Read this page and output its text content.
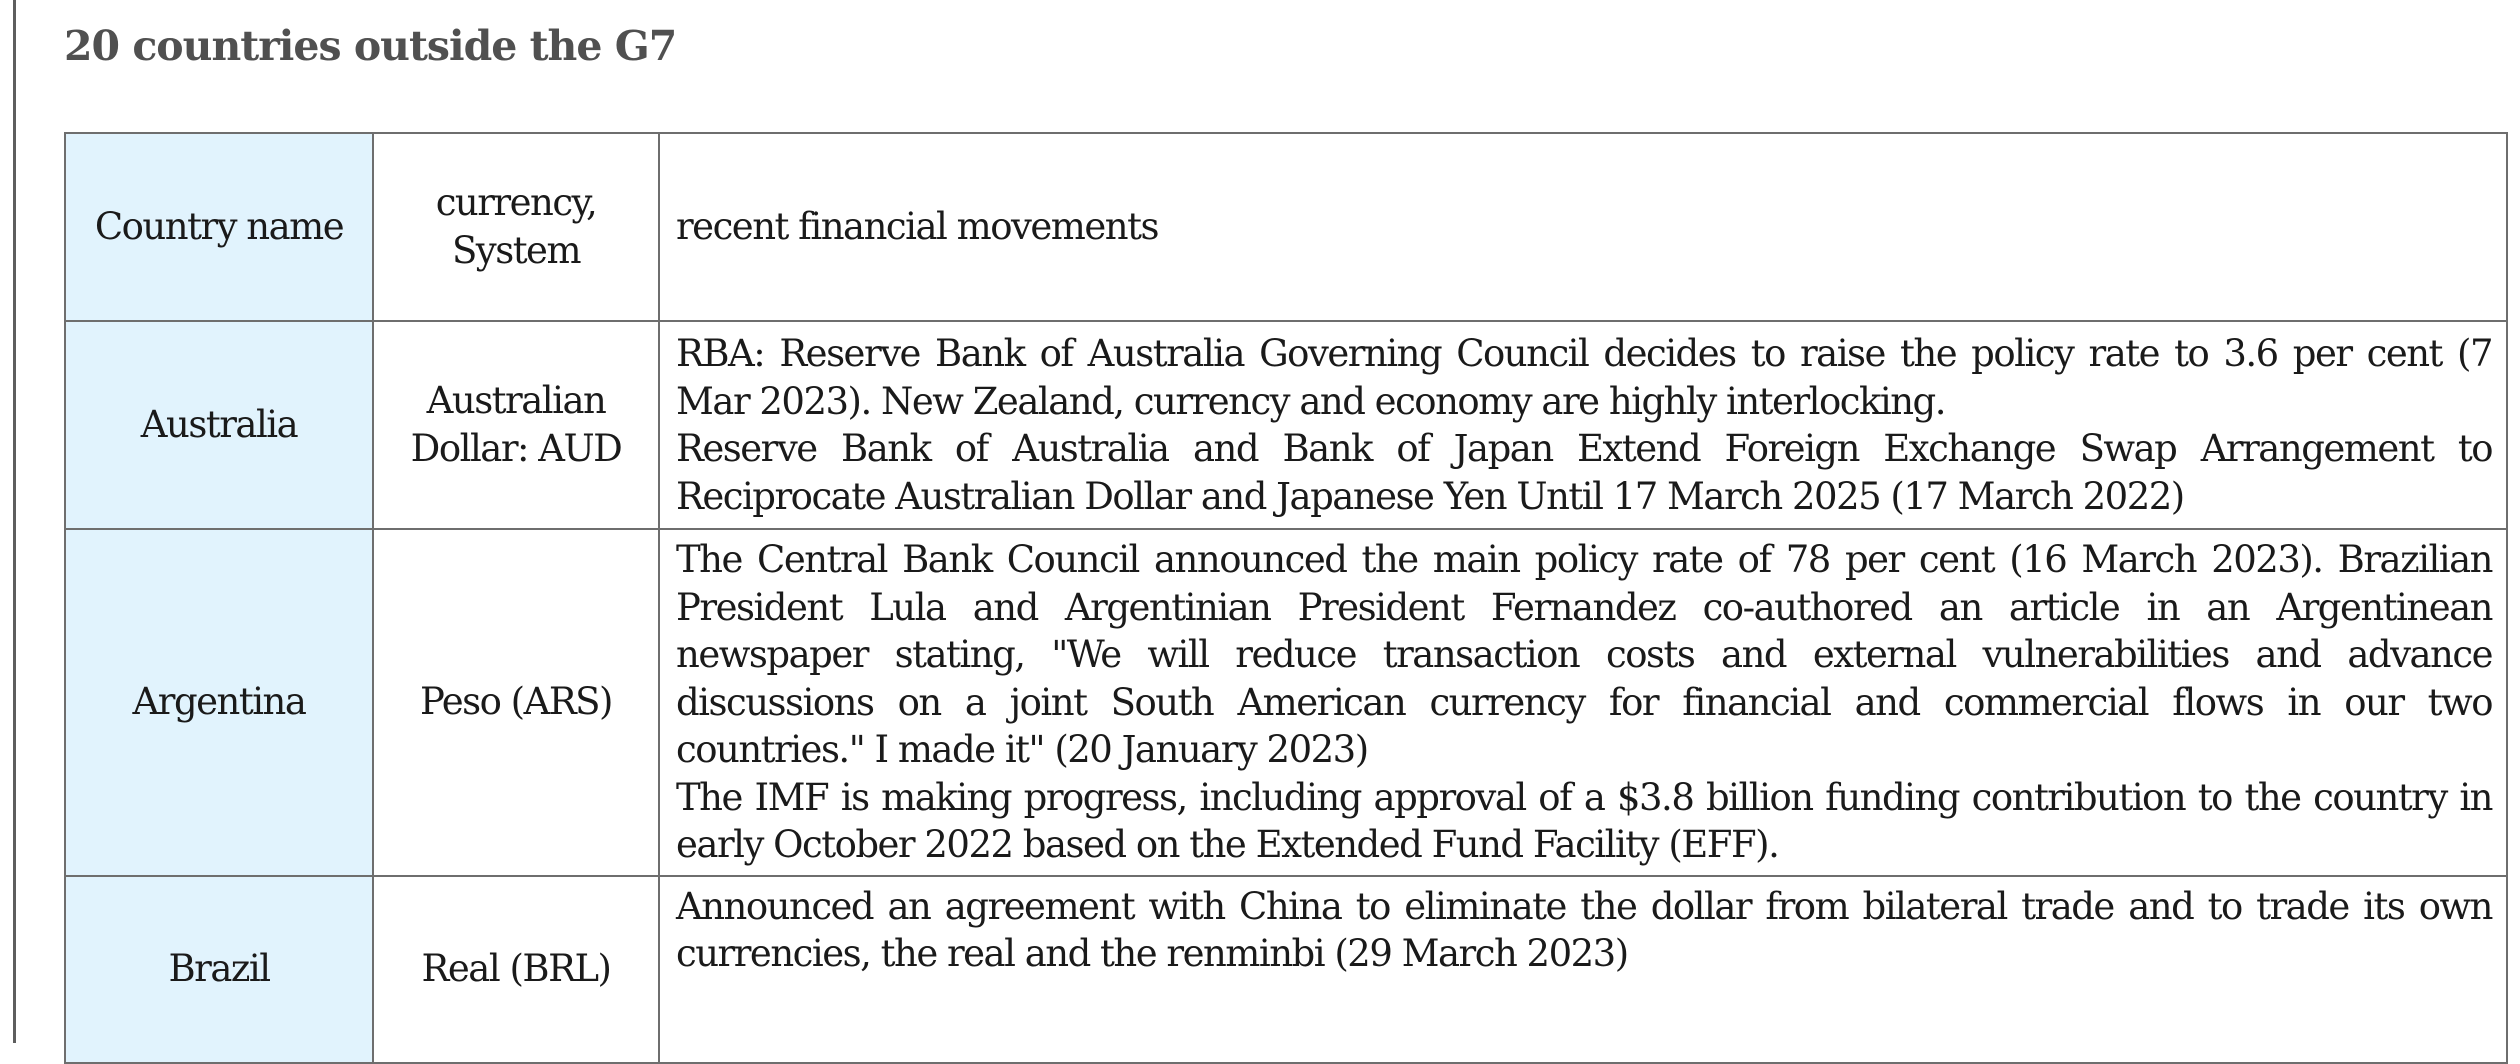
20 countries outside the G7
Country name	currency, System	recent financial movements
Australia	Australian Dollar: AUD	RBA: Reserve Bank of Australia Governing Council decides to raise the policy rate to 3.6 per cent (7 Mar 2023). New Zealand, currency and economy are highly interlocking.
Reserve Bank of Australia and Bank of Japan Extend Foreign Exchange Swap Arrangement to Reciprocate Australian Dollar and Japanese Yen Until 17 March 2025 (17 March 2022)

Argentina	Peso (ARS)	The Central Bank Council announced the main policy rate of 78 per cent (16 March 2023). Brazilian President Lula and Argentinian President Fernandez co-authored an article in an Argentinean newspaper stating, "We will reduce transaction costs and external vulnerabilities and advance discussions on a joint South American currency for financial and commercial flows in our two countries." I made it" (20 January 2023)
The IMF is making progress, including approval of a $3.8 billion funding contribution to the country in early October 2022 based on the Extended Fund Facility (EFF).

Brazil	Real (BRL)	Announced an agreement with China to eliminate the dollar from bilateral trade and to trade its own currencies, the real and the renminbi (29 March 2023)
